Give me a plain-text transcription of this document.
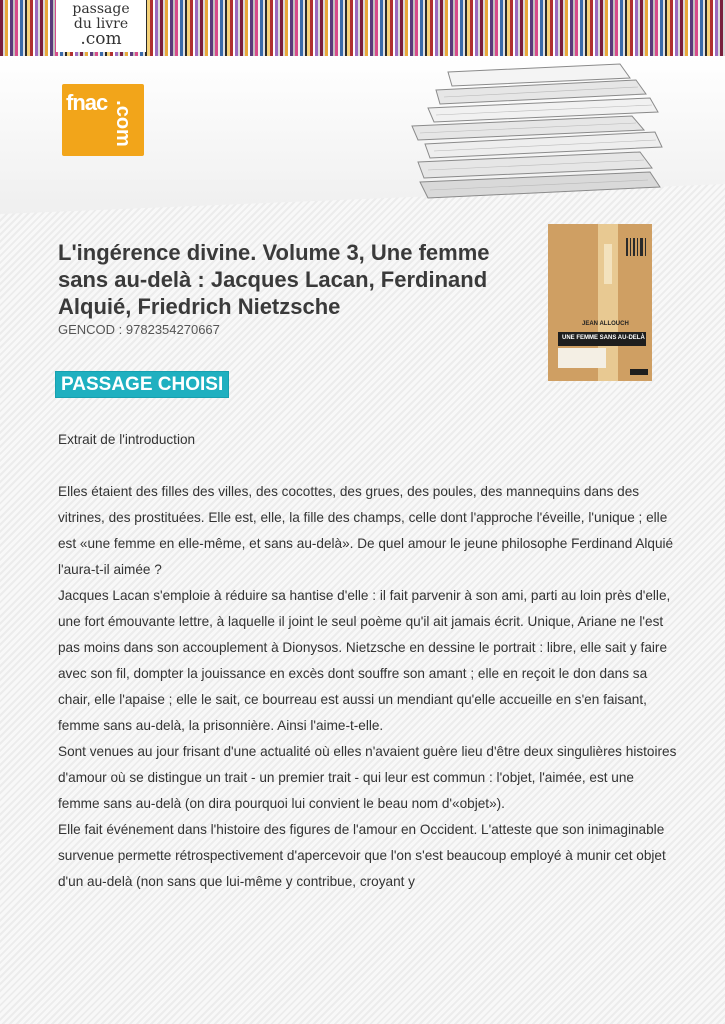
passage
du livre
.com
fnac .com
L'ingérence divine. Volume 3, Une femme sans au-delà : Jacques Lacan, Ferdinand Alquié, Friedrich Nietzsche
GENCOD : 9782354270667	JEAN ALLOUCH
UNE FEMME SANS AU-DELÀ
PASSAGE CHOISI

Extrait de l'introduction

Elles étaient des filles des villes, des cocottes, des grues, des poules, des mannequins dans des vitrines, des prostituées. Elle est, elle, la fille des champs, celle dont l'approche l'éveille, l'unique ; elle est «une femme en elle-même, et sans au-delà». De quel amour le jeune philosophe Ferdinand Alquié l'aura-t-il aimée ?

Jacques Lacan s'emploie à réduire sa hantise d'elle : il fait parvenir à son ami, parti au loin près d'elle, une fort émouvante lettre, à laquelle il joint le seul poème qu'il ait jamais écrit. Unique, Ariane ne l'est pas moins dans son accouplement à Dionysos. Nietzsche en dessine le portrait : libre, elle sait y faire avec son fil, dompter la jouissance en excès dont souffre son amant ; elle en reçoit le don dans sa chair, elle l'apaise ; elle le sait, ce bourreau est aussi un mendiant qu'elle accueille en s'en faisant, femme sans au-delà, la prisonnière. Ainsi l'aime-t-elle.

Sont venues au jour frisant d'une actualité où elles n'avaient guère lieu d'être deux singulières histoires d'amour où se distingue un trait - un premier trait - qui leur est commun : l'objet, l'aimée, est une femme sans au-delà (on dira pourquoi lui convient le beau nom d'«objet»).

Elle fait événement dans l'histoire des figures de l'amour en Occident. L'atteste que son inimaginable survenue permette rétrospectivement d'apercevoir que l'on s'est beaucoup employé à munir cet objet d'un au-delà (non sans que lui-même y contribue, croyant y
